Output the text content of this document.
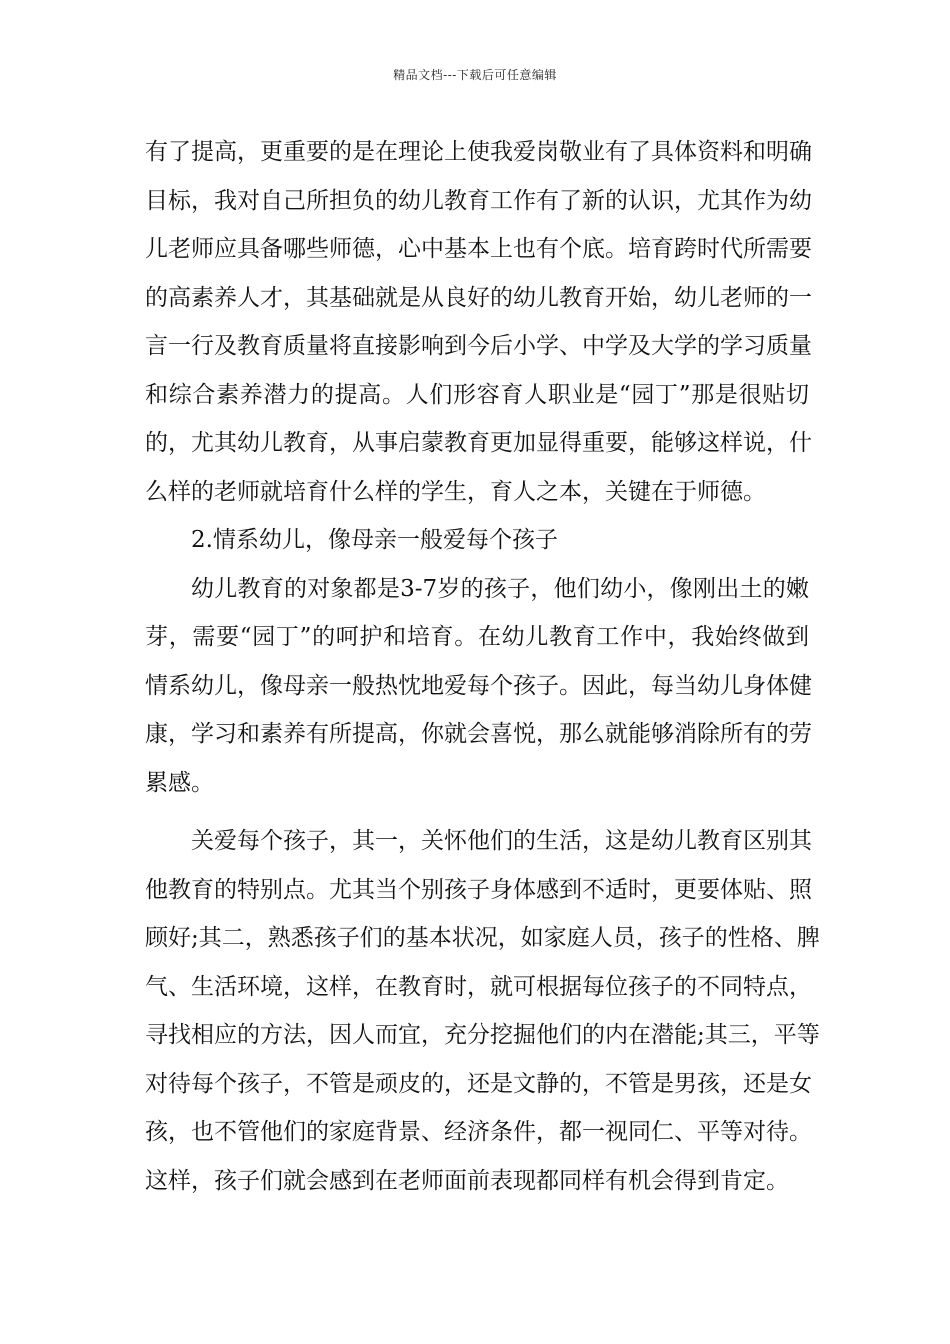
精品文档---下载后可任意编辑
有了提高，更重要的是在理论上使我爱岗敬业有了具体资料和明确
目标，我对自己所担负的幼儿教育工作有了新的认识，尤其作为幼
儿老师应具备哪些师德，心中基本上也有个底。培育跨时代所需要
的高素养人才，其基础就是从良好的幼儿教育开始，幼儿老师的一
言一行及教育质量将直接影响到今后小学、中学及大学的学习质量
和综合素养潜力的提高。人们形容育人职业是“园丁”那是很贴切
的，尤其幼儿教育，从事启蒙教育更加显得重要，能够这样说，什
么样的老师就培育什么样的学生，育人之本，关键在于师德。
2.情系幼儿，像母亲一般爱每个孩子
幼儿教育的对象都是3-7岁的孩子，他们幼小，像刚出土的嫩
芽，需要“园丁”的呵护和培育。在幼儿教育工作中，我始终做到
情系幼儿，像母亲一般热忱地爱每个孩子。因此，每当幼儿身体健
康，学习和素养有所提高，你就会喜悦，那么就能够消除所有的劳
累感。
关爱每个孩子，其一，关怀他们的生活，这是幼儿教育区别其
他教育的特别点。尤其当个别孩子身体感到不适时，更要体贴、照
顾好;其二，熟悉孩子们的基本状况，如家庭人员，孩子的性格、脾
气、生活环境，这样，在教育时，就可根据每位孩子的不同特点，
寻找相应的方法，因人而宜，充分挖掘他们的内在潜能;其三，平等
对待每个孩子，不管是顽皮的，还是文静的，不管是男孩，还是女
孩，也不管他们的家庭背景、经济条件，都一视同仁、平等对待。
这样，孩子们就会感到在老师面前表现都同样有机会得到肯定。
